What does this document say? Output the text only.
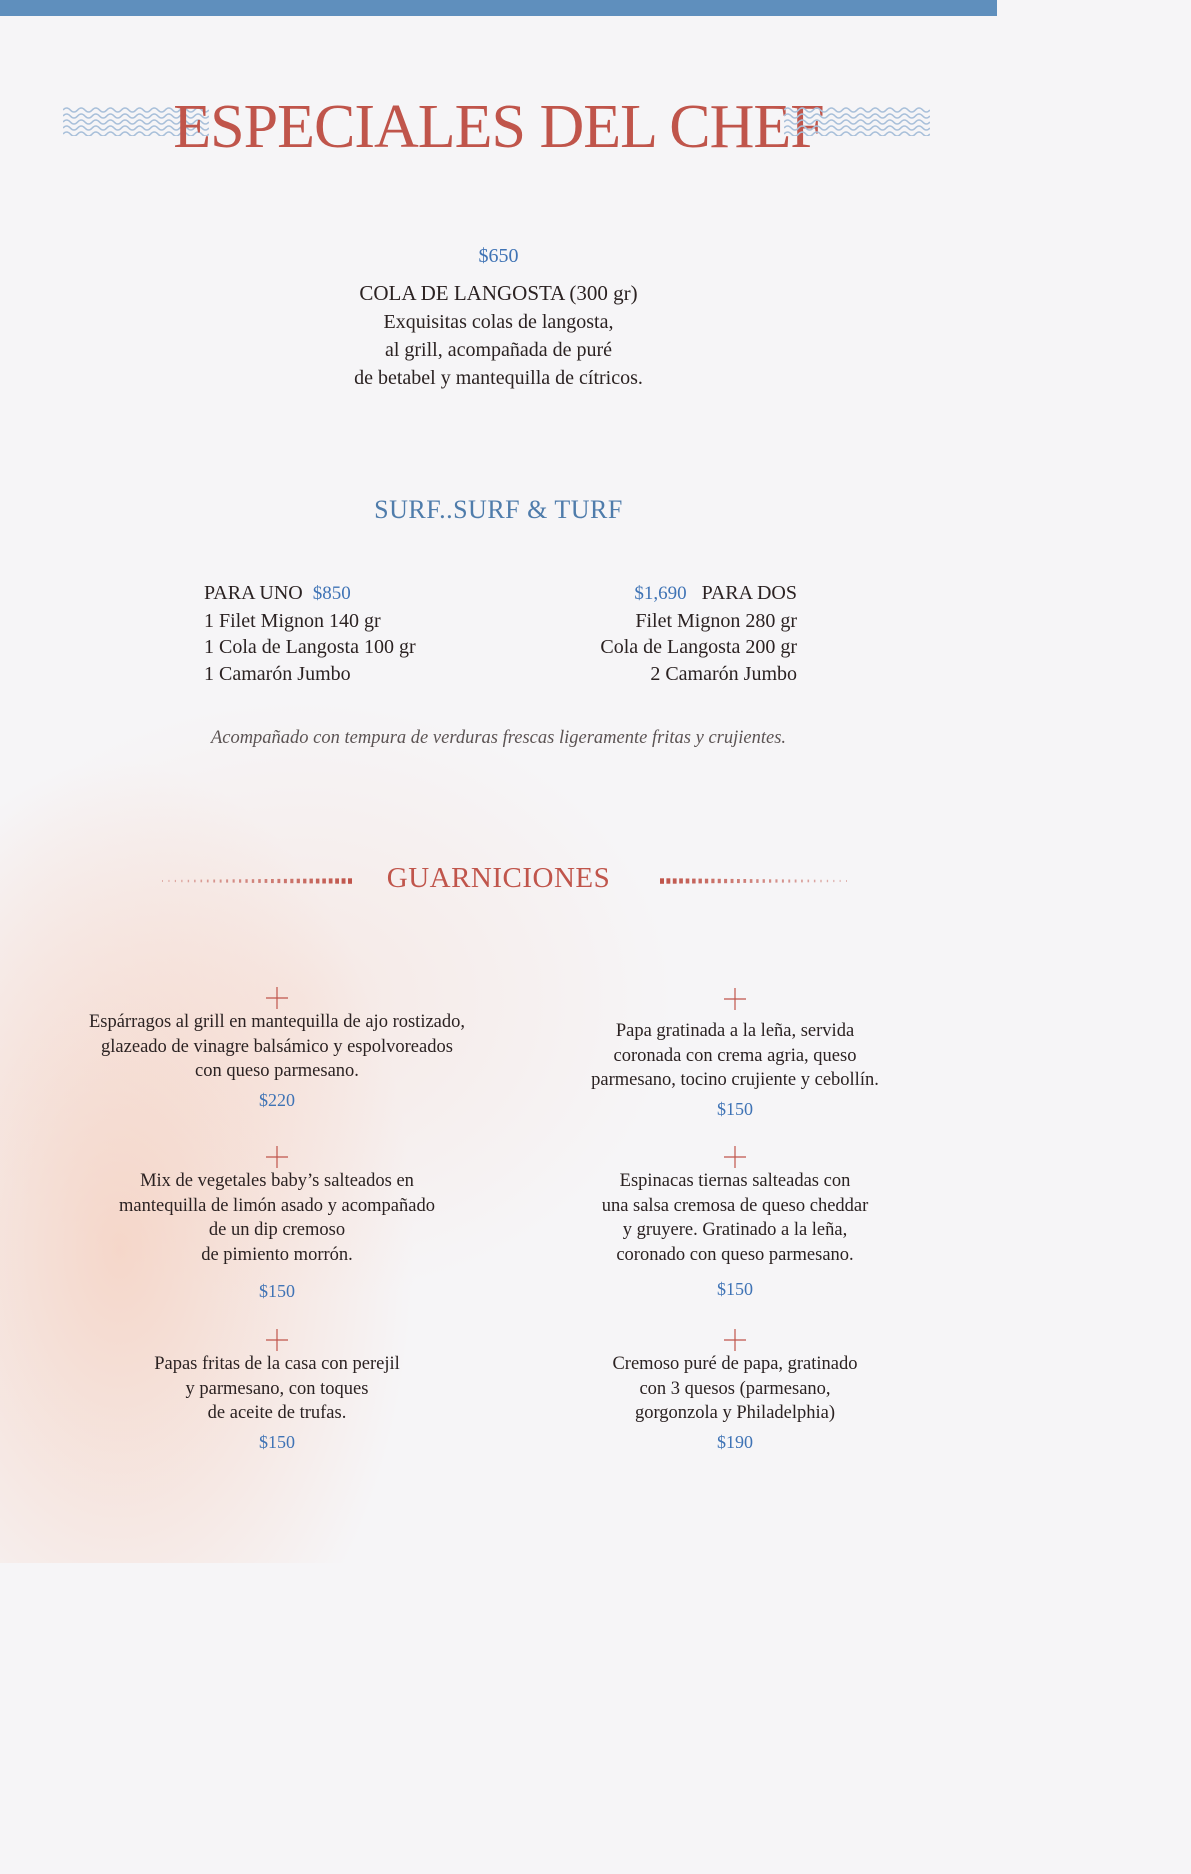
ESPECIALES DEL CHEF
$650
COLA DE LANGOSTA (300 gr)
Exquisitas colas de langosta,
al grill, acompañada de puré
de betabel y mantequilla de cítricos.
SURF..SURF & TURF
PARA UNO $850
1 Filet Mignon 140 gr
1 Cola de Langosta 100 gr
1 Camarón Jumbo
$1,690 PARA DOS
Filet Mignon 280 gr
Cola de Langosta 200 gr
2 Camarón Jumbo
Acompañado con tempura de verduras frescas ligeramente fritas y crujientes.
GUARNICIONES
Espárragos al grill en mantequilla de ajo rostizado,
glazeado de vinagre balsámico y espolvoreados
con queso parmesano.
$220
Papa gratinada a la leña, servida
coronada con crema agria, queso
parmesano, tocino crujiente y cebollín.
$150
Mix de vegetales baby’s salteados en
mantequilla de limón asado y acompañado
de un dip cremoso
de pimiento morrón.
$150
Espinacas tiernas salteadas con
una salsa cremosa de queso cheddar
y gruyere. Gratinado a la leña,
coronado con queso parmesano.
$150
Papas fritas de la casa con perejil
y parmesano, con toques
de aceite de trufas.
$150
Cremoso puré de papa, gratinado
con 3 quesos (parmesano,
gorgonzola y Philadelphia)
$190
